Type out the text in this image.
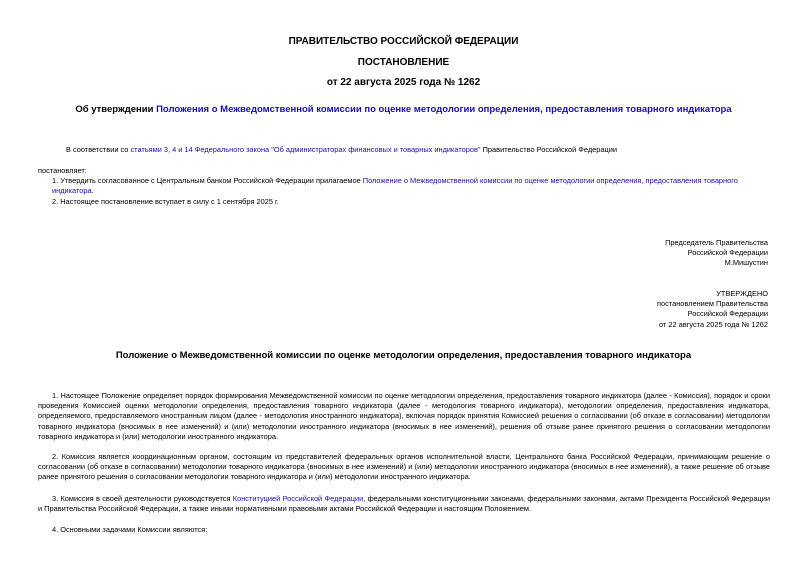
ПРАВИТЕЛЬСТВО РОССИЙСКОЙ ФЕДЕРАЦИИ
ПОСТАНОВЛЕНИЕ
от 22 августа 2025 года № 1262
Об утверждении Положения о Межведомственной комиссии по оценке методологии определения, предоставления товарного индикатора
В соответствии со статьями 3, 4 и 14 Федерального закона "Об администраторах финансовых и товарных индикаторов" Правительство Российской Федерации
постановляет:
1. Утвердить согласованное с Центральным банком Российской Федерации прилагаемое Положение о Межведомственной комиссии по оценке методологии определения, предоставления товарного индикатора.
2. Настоящее постановление вступает в силу с 1 сентября 2025 г.
Председатель Правительства
Российской Федерации
М.Мишустин
УТВЕРЖДЕНО
постановлением Правительства
Российской Федерации
от 22 августа 2025 года № 1262
Положение о Межведомственной комиссии по оценке методологии определения, предоставления товарного индикатора
1. Настоящее Положение определяет порядок формирования Межведомственной комиссии по оценке методологии определения, предоставления товарного индикатора (далее - Комиссия), порядок и сроки проведения Комиссией оценки методологии определения, предоставления товарного индикатора (далее - методология товарного индикатора), методологии определения, предоставления индикатора, определяемого, предоставляемого иностранным лицом (далее - методология иностранного индикатора), включая порядок принятия Комиссией решения о согласовании (об отказе в согласовании) методологии товарного индикатора (вносимых в нее изменений) и (или) методологии иностранного индикатора (вносимых в нее изменений), решения об отзыве ранее принятого решения о согласовании методологии товарного индикатора и (или) методологии иностранного индикатора.
2. Комиссия является координационным органом, состоящим из представителей федеральных органов исполнительной власти, Центрального банка Российской Федерации, принимающим решение о согласовании (об отказе в согласовании) методологии товарного индикатора (вносимых в нее изменений) и (или) методологии иностранного индикатора (вносимых в нее изменений), а также решение об отзыве ранее принятого решения о согласовании методологии товарного индикатора и (или) методологии иностранного индикатора.
3. Комиссия в своей деятельности руководствуется Конституцией Российской Федерации, федеральными конституционными законами, федеральными законами, актами Президента Российской Федерации и Правительства Российской Федерации, а также иными нормативными правовыми актами Российской Федерации и настоящим Положением.
4. Основными задачами Комиссии являются:
